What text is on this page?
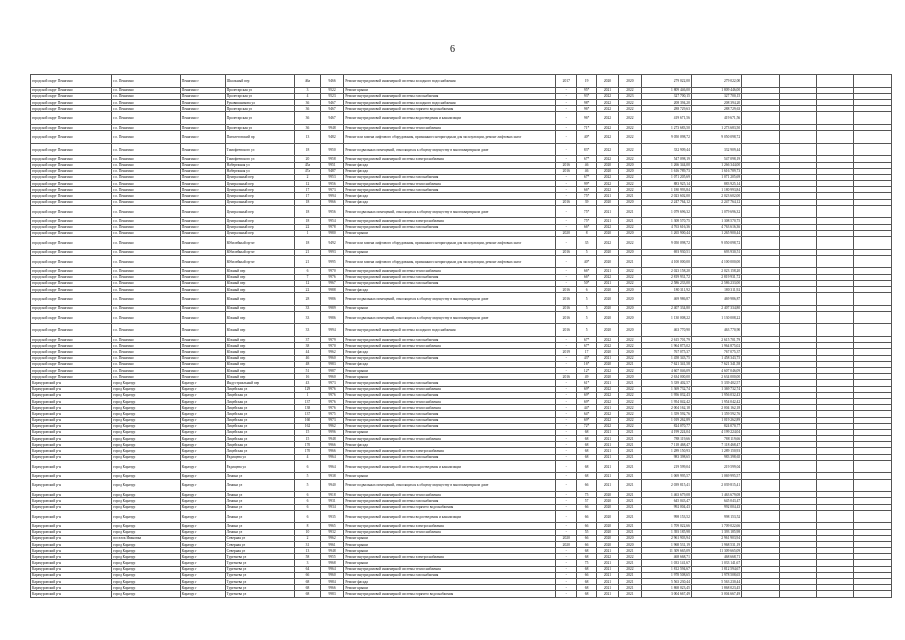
6
городской округ Пенягино	г.о. Пенягино	Пенягино г	Школьный пер	46а	9466	Ремонт внутридомовой инженерной системы холодного водоснабжения	2017	19	2020	2020	279 022,00	279 022,00				
городской округ Пенягино	г.о. Пенягино	Пенягино г	Пролетарская ул	3	9522	Ремонт крыши	-	95*	2021	2022	1 809 446,00	1 809 446,00				
городской округ Пенягино	г.о. Пенягино	Пенягино г	Пролетарская ул	4	9523	Ремонт внутридомовой инженерной системы газоснабжения	-	93*	2022	2023	327 700,15	327 700,15				
городской округ Пенягино	г.о. Пенягино	Пенягино г	Рукавишникова ул	36	9467	Ремонт внутридомовой инженерной системы холодного водоснабжения	-	98*	2022	2022	208 394,20	208 394,20				
городской округ Пенягино	г.о. Пенягино	Пенягино г	Пролетарская ул	36	9467	Ремонт внутридомовой инженерной системы горячего водоснабжения	-	96*	2022	2022	288 729,63	288 729,63				
городской округ Пенягино	г.о. Пенягино	Пенягино г	Пролетарская ул	36	9467	Ремонт внутридомовой инженерной системы водоотведения и канализации	-	96*	2022	2022	419 671,56	419 671,56				
городской округ Пенягино	г.о. Пенягино	Пенягино г	Пролетарская ул	36	9948	Ремонт внутридомовой инженерной системы теплоснабжения	-	71*	2022	2022	1 273 683,50	1 273 683,50				
городской округ Пенягино	г.о. Пенягино	Пенягино г	Пятилетовский пр	13	9482	Ремонт или замена лифтового оборудования, признанного непригодным для эксплуатации, ремонт лифтовых шахт	-	40*	2022	2022	9 050 098,72	9 050 098,72				
городской округ Пенягино	г.о. Пенягино	Пенягино г	Тимофеевского ул	18	9950	Ремонт подвальных помещений, относящихся к общему имуществу в многоквартирном доме	-	83*	2022	2022	332 909,44	332 909,44				
городской округ Пенягино	г.о. Пенягино	Пенягино г	Тимофеевского ул	20	9958	Ремонт внутридомовой инженерной системы электроснабжения	-	67*	2022	2022	547 098,19	547 098,19				
городской округ Пенягино	г.о. Пенягино	Пенягино г	Набережная ул	45а	9951	Ремонт фасада	2016	46	2020	2020	1 266 344,00	1 266 344,00				
городской округ Пенягино	г.о. Пенягино	Пенягино г	Набережная ул	47а	9487	Ремонт фасада	2016	46	2020	2020	1 616 789,73	1 616 789,73				
городской округ Пенягино	г.о. Пенягино	Пенягино г	Центральный пер	2	9953	Ремонт внутридомовой инженерной системы газоснабжения	-	67*	2022	2022	1 071 205,69	1 071 205,69				
городской округ Пенягино	г.о. Пенягино	Пенягино г	Центральный пер	12	9956	Ремонт внутридомовой инженерной системы теплоснабжения	-	99*	2022	2022	883 925,14	883 925,14				
городской округ Пенягино	г.о. Пенягино	Пенягино г	Центральный пер	17	9973	Ремонт внутридомовой инженерной системы газоснабжения	-	66*	2022	2022	1 180 993,84	1 180 993,84				
городской округ Пенягино	г.о. Пенягино	Пенягино г	Центральный пер	17	9994	Ремонт фасада	-	75*	2021	2021	2 023 602,00	2 023 602,00				
городской округ Пенягино	г.о. Пенягино	Пенягино г	Центральный пер	18	9966	Ремонт фасада	2016	39	2020	2020	2 247 764,12	2 247 764,12				
городской округ Пенягино	г.о. Пенягино	Пенягино г	Центральный пер	18	9956	Ремонт подвальных помещений, относящихся к общему имуществу в многоквартирном доме	-	75*	2021	2021	1 079 696,32	1 079 696,32				
городской округ Пенягино	г.о. Пенягино	Пенягино г	Центральный пер	18	9954	Ремонт внутридомовой инженерной системы электроснабжения	-	75*	2021	2021	1 308 570,75	1 308 570,75				
городской округ Пенягино	г.о. Пенягино	Пенягино г	Центральный пер	22	9978	Ремонт внутридомовой инженерной системы газоснабжения	-	66*	2022	2022	4 763 616,36	4 763 616,36				
городской округ Пенягино	г.о. Пенягино	Пенягино г	Центральный пер	1	9980	Ремонт крыши	2020	8	2020	2020	1 265 900,44	1 265 900,44				
городской округ Пенягино	г.о. Пенягино	Пенягино г	Юбилейный пр-кт	18	9492	Ремонт или замена лифтового оборудования, признанного непригодным для эксплуатации, ремонт лифтовых шахт	-	35	2022	2022	9 050 098,72	9 050 098,72				
городской округ Пенягино	г.о. Пенягино	Пенягино г	Юбилейный пр-кт	21	9993	Ремонт крыши	2016	5	2020	2020	693 930,51	693 930,51				
городской округ Пенягино	г.о. Пенягино	Пенягино г	Юбилейный пр-кт	21	9995	Ремонт или замена лифтового оборудования, признанного непригодным для эксплуатации, ремонт лифтовых шахт	-	40*	2020	2021	4 100 000,00	4 100 000,00				
городской округ Пенягино	г.о. Пенягино	Пенягино г	Южный пер	6	9970	Ремонт внутридомовой инженерной системы теплоснабжения	-	66*	2021	2022	2 023 158,20	2 023 158,20				
городской округ Пенягино	г.о. Пенягино	Пенягино г	Южный пер	7	9976	Ремонт внутридомовой инженерной системы газоснабжения	-	66*	2022	2022	2 819 931,72	2 819 931,72				
городской округ Пенягино	г.о. Пенягино	Пенягино г	Южный пер	12	9967	Ремонт внутридомовой инженерной системы газоснабжения	-	50*	2021	2022	2 586 233,00	2 586 233,00				
городской округ Пенягино	г.о. Пенягино	Пенягино г	Южный пер	22	9988	Ремонт фасада	2016	6	2020	2020	180 311,92	180 311,92				
городской округ Пенягино	г.о. Пенягино	Пенягино г	Южный пер	28	9986	Ремонт подвальных помещений, относящихся к общему имуществу в многоквартирном доме	2016	5	2020	2020	469 986,87	469 986,87				
городской округ Пенягино	г.о. Пенягино	Пенягино г	Южный пер	33	9989	Ремонт крыши	2016	5	2020	2020	2 407 334,80	2 407 334,80				
городской округ Пенягино	г.о. Пенягино	Пенягино г	Южный пер	33	9986	Ремонт подвальных помещений, относящихся к общему имуществу в многоквартирном доме	2016	5	2020	2020	1 130 008,22	1 130 008,22				
городской округ Пенягино	г.о. Пенягино	Пенягино г	Южный пер	33	9994	Ремонт внутридомовой инженерной системы холодного водоснабжения	2016	5	2020	2020	463 770,90	463 770,90				
городской округ Пенягино	г.о. Пенягино	Пенягино г	Южный пер	37	9979	Ремонт внутридомовой инженерной системы газоснабжения	-	67*	2022	2022	2 615 701,79	2 615 701,79				
городской округ Пенягино	г.о. Пенягино	Пенягино г	Южный пер	38	9970	Ремонт внутридомовой инженерной системы теплоснабжения	-	67*	2022	2022	1 964 875,02	1 964 875,02				
городской округ Пенягино	г.о. Пенягино	Пенягино г	Южный пер	44	9962	Ремонт фасада	2019	17	2020	2020	767 075,37	767 075,37				
городской округ Пенягино	г.о. Пенягино	Пенягино г	Южный пер	46	9960	Ремонт внутридомовой инженерной системы газоснабжения	-	43*	2021	2022	1 458 343,75	1 458 343,75				
городской округ Пенягино	г.о. Пенягино	Пенягино г	Южный пер	48	9983	Ремонт фасада	-	16*	2020	2021	7 621 341,58	7 621 341,58				
городской округ Пенягино	г.о. Пенягино	Пенягино г	Южный пер	51	9987	Ремонт крыши	-	12*	2022	2022	4 607 046,09	4 607 046,09				
городской округ Пенягино	г.о. Пенягино	Пенягино г	Южный пер	16	9960	Ремонт крыши	2016	49	2020	2020	2 634 000,00	2 634 000,00				
Карачуровский р-н	город Карачур	Карачур г	Индустриальный пер	43	9973	Ремонт внутридомовой инженерной системы газоснабжения	-	61*	2021	2021	5 339 402,57	5 339 402,57				
Карачуровский р-н	город Карачур	Карачур г	Лицейская ул	129	9976	Ремонт внутридомовой инженерной системы теплоснабжения	-	69*	2022	2022	1 369 732,74	1 369 732,74				
Карачуровский р-н	город Карачур	Карачур г	Лицейская ул	1	9976	Ремонт внутридомовой инженерной системы газоснабжения	-	69*	2022	2022	1 956 032,43	1 956 032,43				
Карачуровский р-н	город Карачур	Карачур г	Лицейская ул	137	9976	Ремонт внутридомовой инженерной системы теплоснабжения	-	69*	2022	2022	1 954 042,42	1 954 042,42				
Карачуровский р-н	город Карачур	Карачур г	Лицейская ул	138	9976	Ремонт внутридомовой инженерной системы теплоснабжения	-	44*	2021	2022	2 004 162,18	2 004 162,18				
Карачуровский р-н	город Карачур	Карачур г	Лицейская ул	137	9975	Ремонт внутридомовой инженерной системы газоснабжения	-	64*	2022	2022	1 359 592,76	1 359 592,76				
Карачуровский р-н	город Карачур	Карачур г	Лицейская ул	160	9973	Ремонт внутридомовой инженерной системы газоснабжения	-	69*	2022	2022	1 019 262,89	1 019 262,89				
Карачуровский р-н	город Карачур	Карачур г	Лицейская ул	162	9962	Ремонт внутридомовой инженерной системы газоснабжения	-	72*	2022	2022	824 070,77	824 070,77				
Карачуровский р-н	город Карачур	Карачур г	Лицейская ул	15	9996	Ремонт крыши	-	68	2021	2021	4 199 224,04	4 199 224,04				
Карачуровский р-н	город Карачур	Карачур г	Лицейская ул	15	9948	Ремонт внутридомовой инженерной системы теплоснабжения	-	68	2021	2021	788 119,66	788 119,66				
Карачуровский р-н	город Карачур	Карачур г	Лицейская ул	170	9966	Ремонт фасада	-	68	2021	2021	7 118 468,47	7 118 468,47				
Карачуровский р-н	город Карачур	Карачур г	Лицейская ул	170	9966	Ремонт внутридомовой инженерной системы электроснабжения	-	68	2021	2021	1 289 150,93	1 289 150,93				
Карачуровский р-н	город Карачур	Карачур г	Радищева ул	4	9964	Ремонт внутридомовой инженерной системы газоснабжения	-	68	2021	2021	983 398,65	983 398,65				
Карачуровский р-н	город Карачур	Карачур г	Радищева ул	6	9964	Ремонт внутридомовой инженерной системы водоотведения и канализации	-	68	2021	2021	219 599,04	219 599,04				
Карачуровский р-н	город Карачур	Карачур г	Ленина ул	5	9938	Ремонт крыши	-	68	2021	2021	1 069 995,57	1 069 995,57				
Карачуровский р-н	город Карачур	Карачур г	Ленина ул	5	9940	Ремонт подвальных помещений, относящихся к общему имуществу в многоквартирном доме	-	66	2021	2021	2 039 815,41	2 039 815,41				
Карачуровский р-н	город Карачур	Карачур г	Ленина ул	6	9918	Ремонт внутридомовой инженерной системы теплоснабжения	-	75	2020	2021	1 463 679,08	1 463 679,08				
Карачуровский р-н	город Карачур	Карачур г	Ленина ул	6	9931	Ремонт внутридомовой инженерной системы газоснабжения	-	57	2020	2021	645 043,47	645 043,47				
Карачуровский р-н	город Карачур	Карачур г	Ленина ул	6	9934	Ремонт внутридомовой инженерной системы горячего водоснабжения	-	66	2020	2021	992 004,43	992 004,43				
Карачуровский р-н	город Карачур	Карачур г	Ленина ул	6	9935	Ремонт внутридомовой инженерной системы водоотведения и канализации	-	66	2020	2021	998 153,52	998 153,52				
Карачуровский р-н	город Карачур	Карачур г	Ленина ул	8	9965	Ремонт внутридомовой инженерной системы электроснабжения	-	66	2020	2021	1 709 022,66	1 709 022,66				
Карачуровский р-н	город Карачур	Карачур г	Ленина ул	10	9932	Ремонт внутридомовой инженерной системы теплоснабжения	-	55	2020	2021	1 393 185,98	1 393 185,98				
Карачуровский р-н	поселок Ивановка	Карачур г	Северная ул	2	9962	Ремонт крыши	2020	66	2020	2020	2 961 903,94	2 961 903,94				
Карачуровский р-н	город Карачур	Карачур г	Северная ул	31	9961	Ремонт крыши	2020	66	2020	2020	1 968 531,19	1 968 531,19				
Карачуровский р-н	город Карачур	Карачур г	Северная ул	13	9948	Ремонт крыши	-	68	2021	2021	11 309 665,09	11 309 665,09				
Карачуровский р-н	город Карачур	Карачур г	Тургенева ул	58	9955	Ремонт внутридомовой инженерной системы электроснабжения	-	68	2022	2022	468 668,71	468 668,71				
Карачуровский р-н	город Карачур	Карачур г	Тургенева ул	3	9968	Ремонт крыши	-	75	2021	2021	1 033 141,67	1 033 141,67				
Карачуровский р-н	город Карачур	Карачур г	Тургенева ул	64	9964	Ремонт внутридомовой инженерной системы теплоснабжения	-	68	2021	2022	1 812 594,67	1 812 594,67				
Карачуровский р-н	город Карачур	Карачур г	Тургенева ул	66	9960	Ремонт внутридомовой инженерной системы газоснабжения	-	66	2021	2021	1 978 508,65	1 978 508,65				
Карачуровский р-н	город Карачур	Карачур г	Тургенева ул	68	9984	Ремонт фасада	-	68	2021	2021	5 563 230,44	5 563 230,44				
Карачуровский р-н	город Карачур	Карачур г	Тургенева ул	68	9966	Ремонт крыши	-	68	2021	2021	1 868 023,45	1 868 023,45				
Карачуровский р-н	город Карачур	Карачур г	Тургенева ул	68	9983	Ремонт внутридомовой инженерной системы горячего водоснабжения	-	68	2021	2021	3 004 667,49	3 004 667,49				
